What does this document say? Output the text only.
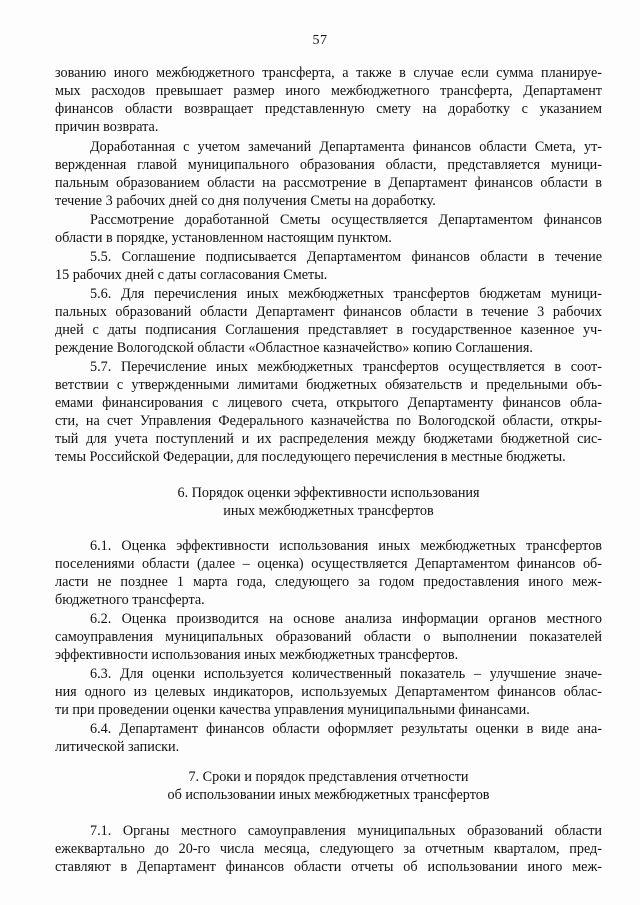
57
зованию иного межбюджетного трансферта, а также в случае если сумма планируе-
мых расходов превышает размер иного межбюджетного трансферта, Департамент
финансов области возвращает представленную смету на доработку с указанием
причин возврата.
Доработанная с учетом замечаний Департамента финансов области Смета, ут-
вержденная главой муниципального образования области, представляется муници-
пальным образованием области на рассмотрение в Департамент финансов области в
течение 3 рабочих дней со дня получения Сметы на доработку.
Рассмотрение доработанной Сметы осуществляется Департаментом финансов
области в порядке, установленном настоящим пунктом.
5.5. Соглашение подписывается Департаментом финансов области в течение
15 рабочих дней с даты согласования Сметы.
5.6. Для перечисления иных межбюджетных трансфертов бюджетам муници-
пальных образований области Департамент финансов области в течение 3 рабочих
дней с даты подписания Соглашения представляет в государственное казенное уч-
реждение Вологодской области «Областное казначейство» копию Соглашения.
5.7. Перечисление иных межбюджетных трансфертов осуществляется в соот-
ветствии с утвержденными лимитами бюджетных обязательств и предельными объ-
емами финансирования с лицевого счета, открытого Департаменту финансов обла-
сти, на счет Управления Федерального казначейства по Вологодской области, откры-
тый для учета поступлений и их распределения между бюджетами бюджетной сис-
темы Российской Федерации, для последующего перечисления в местные бюджеты.
6. Порядок оценки эффективности использования
иных межбюджетных трансфертов
6.1. Оценка эффективности использования иных межбюджетных трансфертов
поселениями области (далее – оценка) осуществляется Департаментом финансов об-
ласти не позднее 1 марта года, следующего за годом предоставления иного меж-
бюджетного трансферта.
6.2. Оценка производится на основе анализа информации органов местного
самоуправления муниципальных образований области о выполнении показателей
эффективности использования иных межбюджетных трансфертов.
6.3. Для оценки используется количественный показатель – улучшение значе-
ния одного из целевых индикаторов, используемых Департаментом финансов облас-
ти при проведении оценки качества управления муниципальными финансами.
6.4. Департамент финансов области оформляет результаты оценки в виде ана-
литической записки.
7. Сроки и порядок представления отчетности
об использовании иных межбюджетных трансфертов
7.1. Органы местного самоуправления муниципальных образований области
ежеквартально до 20-го числа месяца, следующего за отчетным кварталом, пред-
ставляют в Департамент финансов области отчеты об использовании иного меж-
